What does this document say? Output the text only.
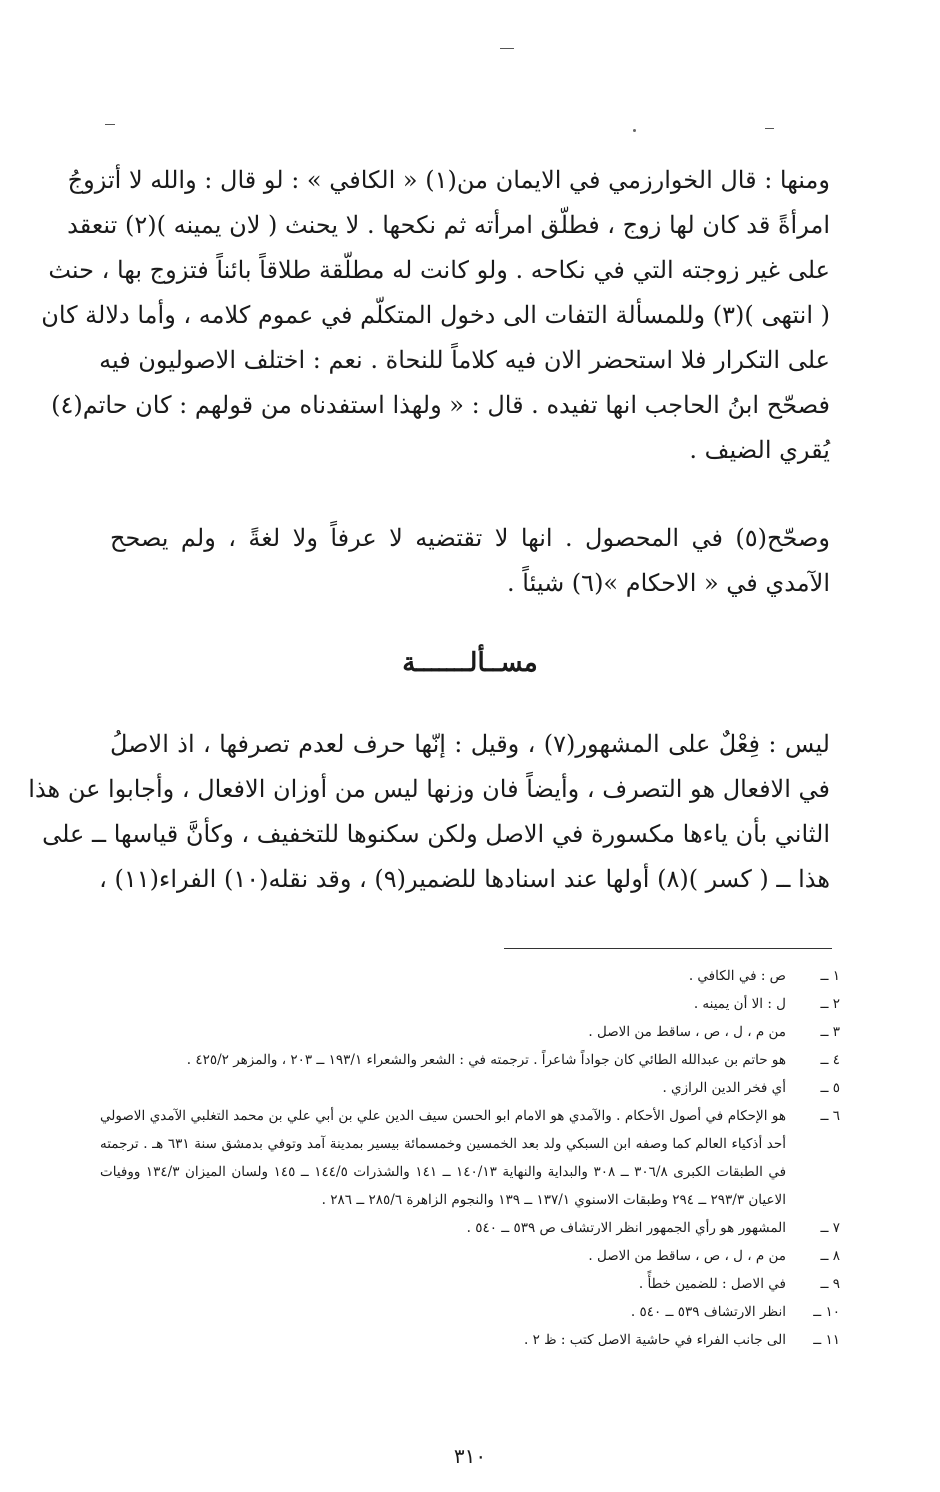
ومنها : قال الخوارزمي في الايمان من(١) « الكافي » : لو قال : والله لا أتزوجُ
امرأةً قد كان لها زوج ، فطلّق امرأته ثم نكحها . لا يحنث ( لان يمينه )(٢) تنعقد
على غير زوجته التي في نكاحه . ولو كانت له مطلّقة طلاقاً بائناً فتزوج بها ، حنث
( انتهى )(٣) وللمسألة التفات الى دخول المتكلّم في عموم كلامه ، وأما دلالة كان
على التكرار فلا استحضر الان فيه كلاماً للنحاة . نعم : اختلف الاصوليون فيه
فصحّح ابنُ الحاجب انها تفيده . قال : « ولهذا استفدناه من قولهم : كان حاتم(٤)
يُقري الضيف .
وصحّح(٥) في المحصول . انها لا تقتضيه لا عرفاً ولا لغةً ، ولم يصحح
الآمدي في « الاحكام »(٦) شيئاً .
مســألـــــــة
ليس : فِعْلٌ على المشهور(٧) ، وقيل : إنّها حرف لعدم تصرفها ، اذ الاصلُ
في الافعال هو التصرف ، وأيضاً فان وزنها ليس من أوزان الافعال ، وأجابوا عن هذا
الثاني بأن ياءها مكسورة في الاصل ولكن سكنوها للتخفيف ، وكأنَّ قياسها ــ على
هذا ــ ( كسر )(٨) أولها عند اسنادها للضمير(٩) ، وقد نقله(١٠) الفراء(١١) ،
١ ــ
ص : في الكافي .
٢ ــ
ل : الا أن يمينه .
٣ ــ
من م ، ل ، ص ، ساقط من الاصل .
٤ ــ
هو حاتم بن عبدالله الطائي كان جواداً شاعراً . ترجمته في : الشعر والشعراء ١٩٣/١ ــ ٢٠٣ ، والمزهر ٤٢٥/٢ .
٥ ــ
أي فخر الدين الرازي .
٦ ــ
هو الإحكام في أصول الأحكام . والآمدي هو الامام ابو الحسن سيف الدين علي بن أبي علي بن محمد التغلبي الآمدي الاصولي أحد أذكياء العالم كما وصفه ابن السبكي ولد بعد الخمسين وخمسمائة بيسير بمدينة آمد وتوفي بدمشق سنة ٦٣١ هـ . ترجمته في الطبقات الكبرى ٣٠٦/٨ ــ ٣٠٨ والبداية والنهاية ١٤٠/١٣ ــ ١٤١ والشذرات ١٤٤/٥ ــ ١٤٥ ولسان الميزان ١٣٤/٣ ووفيات الاعيان ٢٩٣/٣ ــ ٢٩٤ وطبقات الاسنوي ١٣٧/١ ــ ١٣٩ والنجوم الزاهرة ٢٨٥/٦ ــ ٢٨٦ .
٧ ــ
المشهور هو رأي الجمهور انظر الارتشاف ص ٥٣٩ ــ ٥٤٠ .
٨ ــ
من م ، ل ، ص ، ساقط من الاصل .
٩ ــ
في الاصل : للضمين خطأً .
١٠ ــ
انظر الارتشاف ٥٣٩ ــ ٥٤٠ .
١١ ــ
الى جانب الفراء في حاشية الاصل كتب : ظ ٢ .
٣١٠
